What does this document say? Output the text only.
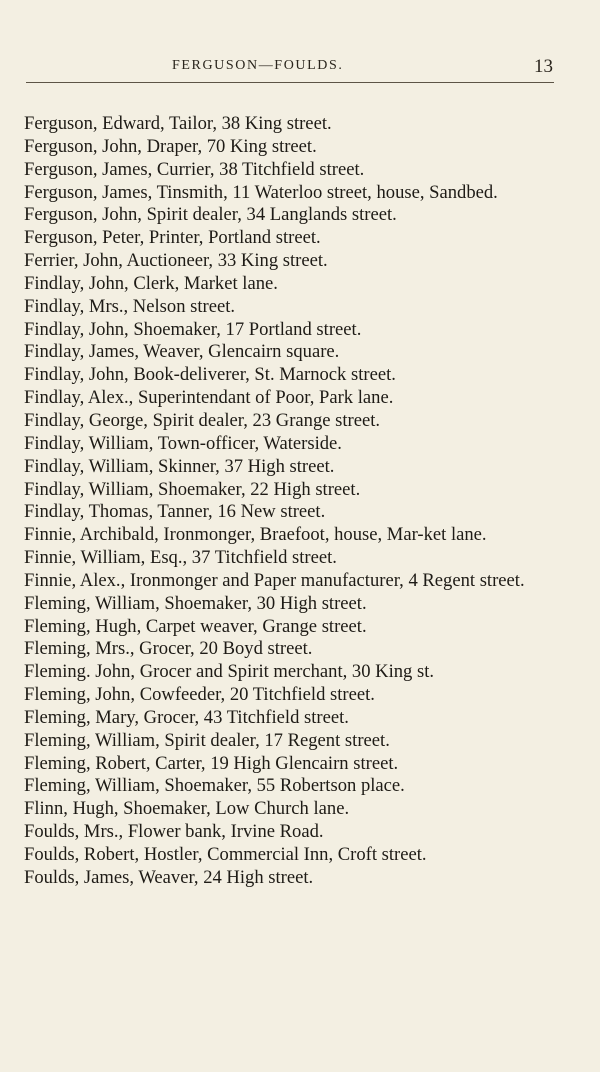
FERGUSON—FOULDS.	13
Ferguson, Edward, Tailor, 38 King street.
Ferguson, John, Draper, 70 King street.
Ferguson, James, Currier, 38 Titchfield street.
Ferguson, James, Tinsmith, 11 Waterloo street, house, Sandbed.
Ferguson, John, Spirit dealer, 34 Langlands street.
Ferguson, Peter, Printer, Portland street.
Ferrier, John, Auctioneer, 33 King street.
Findlay, John, Clerk, Market lane.
Findlay, Mrs., Nelson street.
Findlay, John, Shoemaker, 17 Portland street.
Findlay, James, Weaver, Glencairn square.
Findlay, John, Book-deliverer, St. Marnock street.
Findlay, Alex., Superintendant of Poor, Park lane.
Findlay, George, Spirit dealer, 23 Grange street.
Findlay, William, Town-officer, Waterside.
Findlay, William, Skinner, 37 High street.
Findlay, William, Shoemaker, 22 High street.
Findlay, Thomas, Tanner, 16 New street.
Finnie, Archibald, Ironmonger, Braefoot, house, Mar-ket lane.
Finnie, William, Esq., 37 Titchfield street.
Finnie, Alex., Ironmonger and Paper manufacturer, 4 Regent street.
Fleming, William, Shoemaker, 30 High street.
Fleming, Hugh, Carpet weaver, Grange street.
Fleming, Mrs., Grocer, 20 Boyd street.
Fleming. John, Grocer and Spirit merchant, 30 King st.
Fleming, John, Cowfeeder, 20 Titchfield street.
Fleming, Mary, Grocer, 43 Titchfield street.
Fleming, William, Spirit dealer, 17 Regent street.
Fleming, Robert, Carter, 19 High Glencairn street.
Fleming, William, Shoemaker, 55 Robertson place.
Flinn, Hugh, Shoemaker, Low Church lane.
Foulds, Mrs., Flower bank, Irvine Road.
Foulds, Robert, Hostler, Commercial Inn, Croft street.
Foulds, James, Weaver, 24 High street.
